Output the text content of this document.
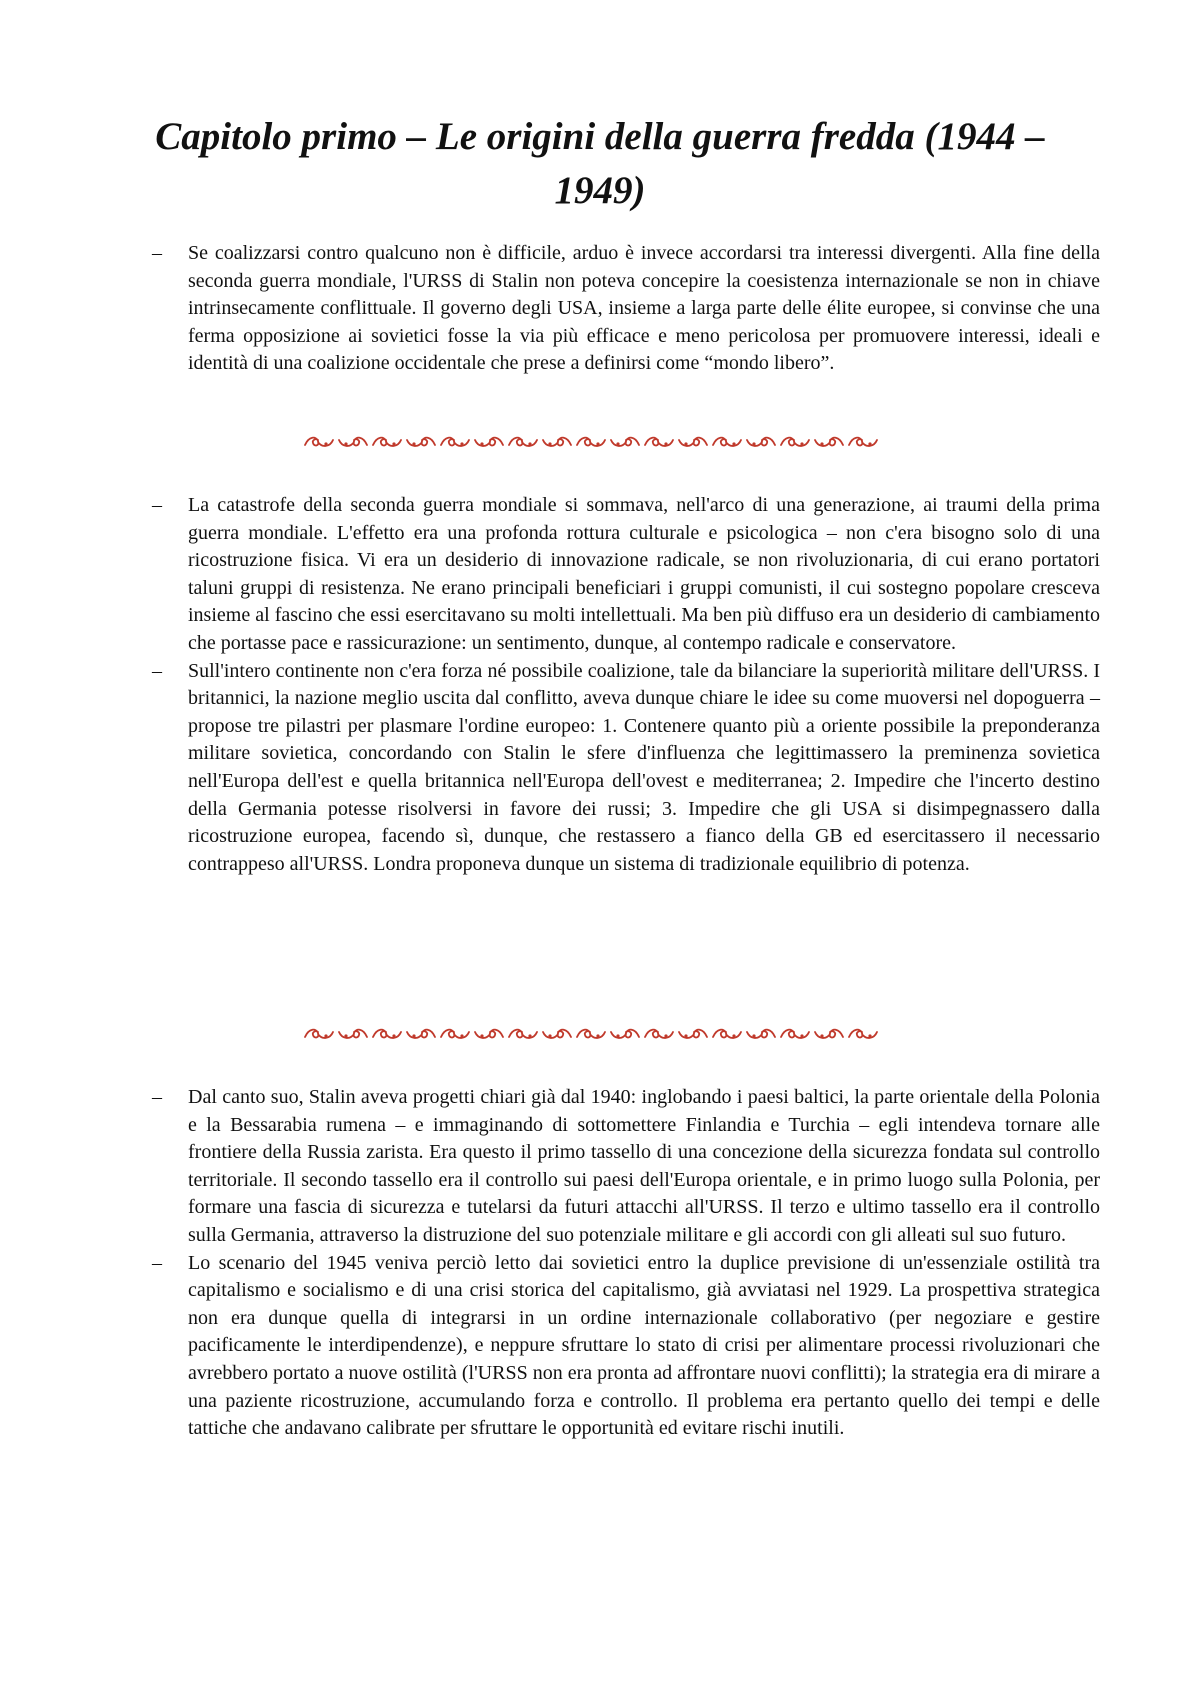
Capitolo primo – Le origini della guerra fredda (1944 – 1949)
– Se coalizzarsi contro qualcuno non è difficile, arduo è invece accordarsi tra interessi divergenti. Alla fine della seconda guerra mondiale, l'URSS di Stalin non poteva concepire la coesistenza internazionale se non in chiave intrinsecamente conflittuale. Il governo degli USA, insieme a larga parte delle élite europee, si convinse che una ferma opposizione ai sovietici fosse la via più efficace e meno pericolosa per promuovere interessi, ideali e identità di una coalizione occidentale che prese a definirsi come “mondo libero”.
– La catastrofe della seconda guerra mondiale si sommava, nell'arco di una generazione, ai traumi della prima guerra mondiale. L'effetto era una profonda rottura culturale e psicologica – non c'era bisogno solo di una ricostruzione fisica. Vi era un desiderio di innovazione radicale, se non rivoluzionaria, di cui erano portatori taluni gruppi di resistenza. Ne erano principali beneficiari i gruppi comunisti, il cui sostegno popolare cresceva insieme al fascino che essi esercitavano su molti intellettuali. Ma ben più diffuso era un desiderio di cambiamento che portasse pace e rassicurazione: un sentimento, dunque, al contempo radicale e conservatore.
– Sull'intero continente non c'era forza né possibile coalizione, tale da bilanciare la superiorità militare dell'URSS. I britannici, la nazione meglio uscita dal conflitto, aveva dunque chiare le idee su come muoversi nel dopoguerra – propose tre pilastri per plasmare l'ordine europeo: 1. Contenere quanto più a oriente possibile la preponderanza militare sovietica, concordando con Stalin le sfere d'influenza che legittimassero la preminenza sovietica nell'Europa dell'est e quella britannica nell'Europa dell'ovest e mediterranea; 2. Impedire che l'incerto destino della Germania potesse risolversi in favore dei russi; 3. Impedire che gli USA si disimpegnassero dalla ricostruzione europea, facendo sì, dunque, che restassero a fianco della GB ed esercitassero il necessario contrappeso all'URSS. Londra proponeva dunque un sistema di tradizionale equilibrio di potenza.
– Dal canto suo, Stalin aveva progetti chiari già dal 1940: inglobando i paesi baltici, la parte orientale della Polonia e la Bessarabia rumena – e immaginando di sottomettere Finlandia e Turchia – egli intendeva tornare alle frontiere della Russia zarista. Era questo il primo tassello di una concezione della sicurezza fondata sul controllo territoriale. Il secondo tassello era il controllo sui paesi dell'Europa orientale, e in primo luogo sulla Polonia, per formare una fascia di sicurezza e tutelarsi da futuri attacchi all'URSS. Il terzo e ultimo tassello era il controllo sulla Germania, attraverso la distruzione del suo potenziale militare e gli accordi con gli alleati sul suo futuro.
– Lo scenario del 1945 veniva perciò letto dai sovietici entro la duplice previsione di un'essenziale ostilità tra capitalismo e socialismo e di una crisi storica del capitalismo, già avviatasi nel 1929. La prospettiva strategica non era dunque quella di integrarsi in un ordine internazionale collaborativo (per negoziare e gestire pacificamente le interdipendenze), e neppure sfruttare lo stato di crisi per alimentare processi rivoluzionari che avrebbero portato a nuove ostilità (l'URSS non era pronta ad affrontare nuovi conflitti); la strategia era di mirare a una paziente ricostruzione, accumulando forza e controllo. Il problema era pertanto quello dei tempi e delle tattiche che andavano calibrate per sfruttare le opportunità ed evitare rischi inutili.
